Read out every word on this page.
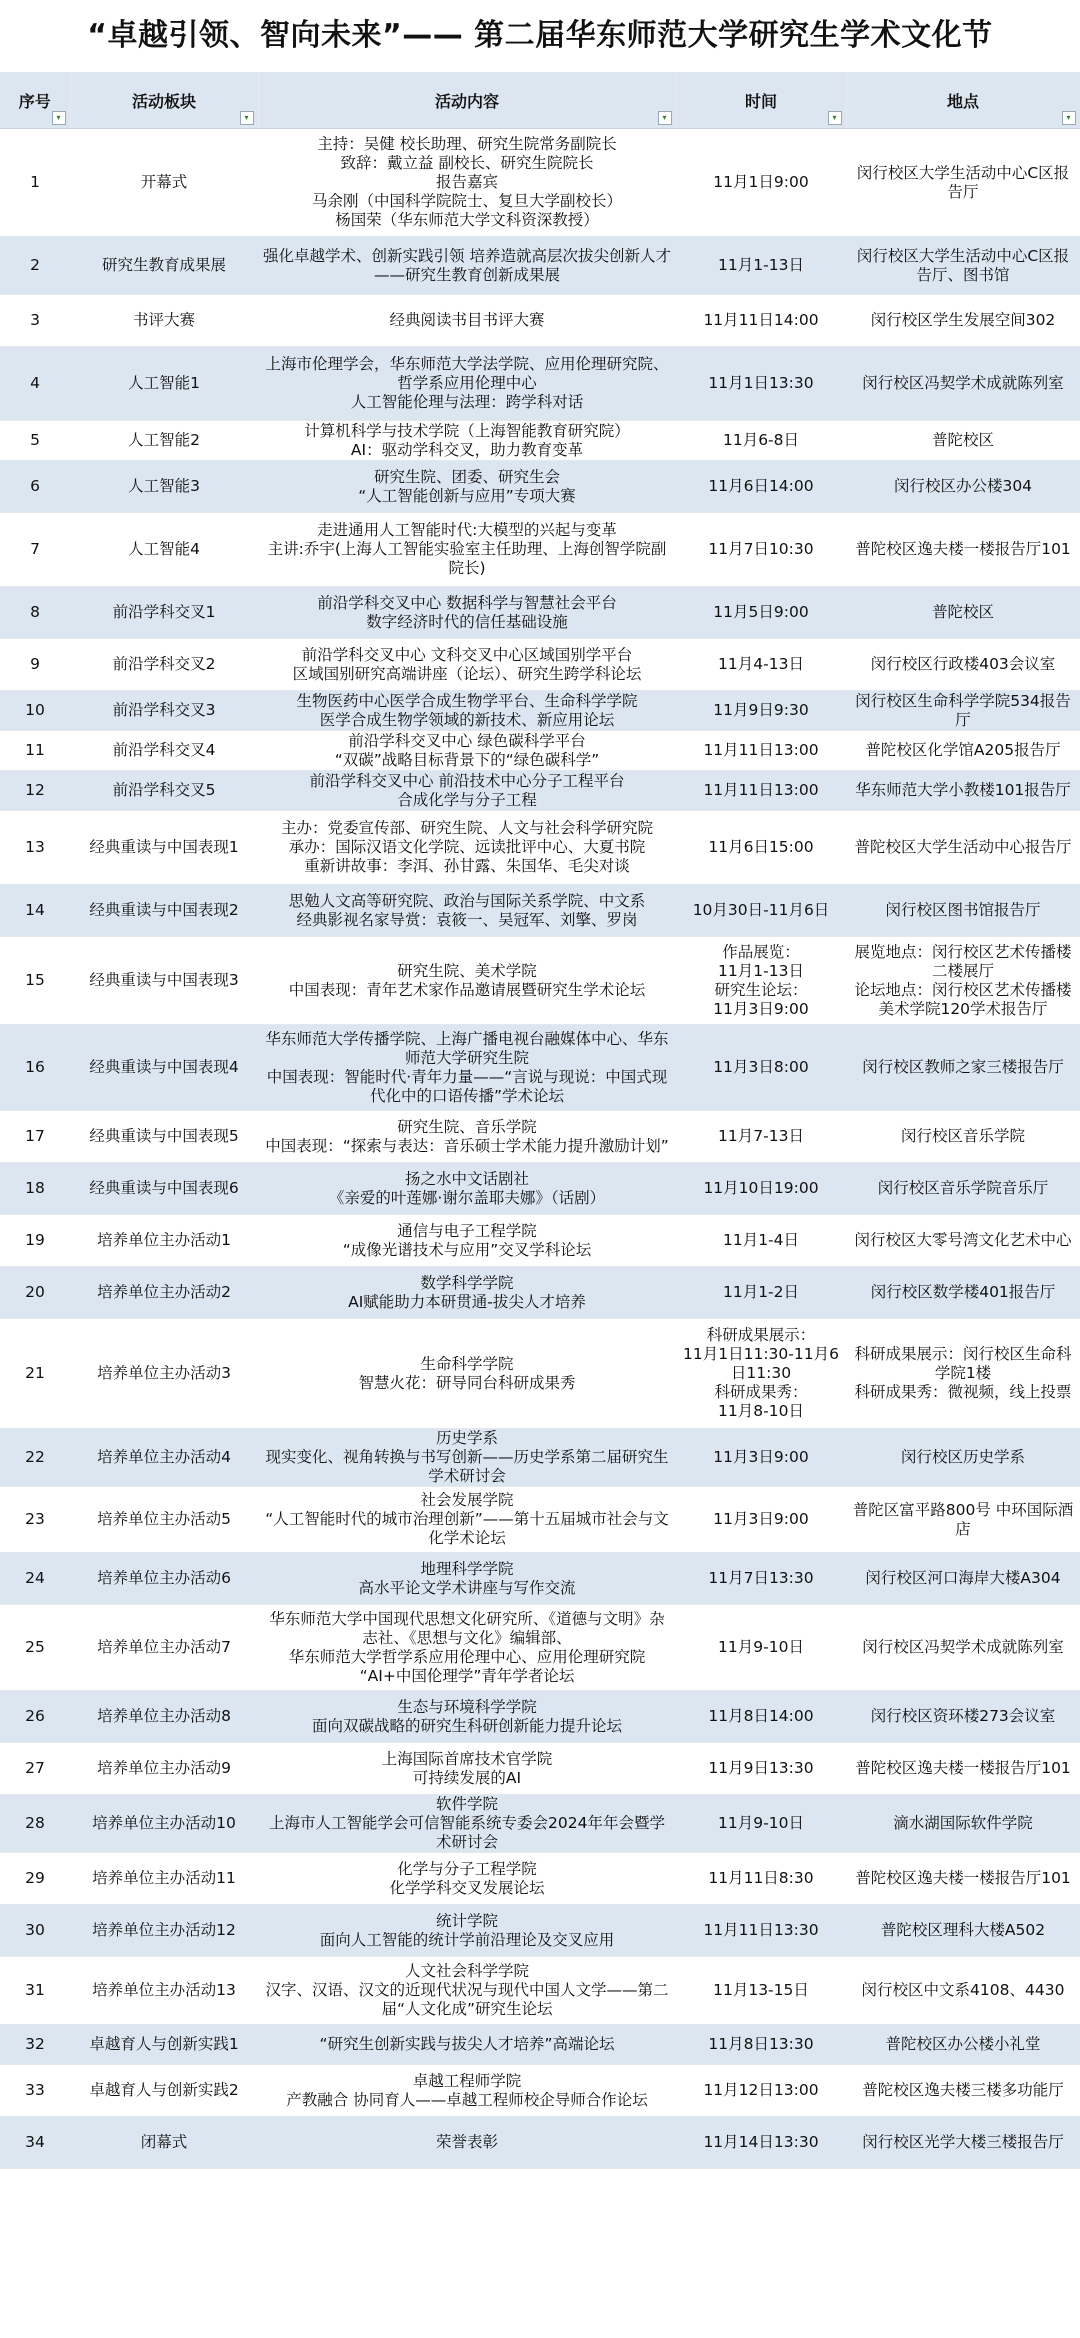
“卓越引领、智向未来”—— 第二届华东师范大学研究生学术文化节
序号
▾	活动板块
▾	活动内容
▾	时间
▾	地点
▾

1	开幕式	主持：吴健 校长助理、研究生院常务副院长
致辞：戴立益 副校长、研究生院院长
报告嘉宾
马余刚（中国科学院院士、复旦大学副校长）
杨国荣（华东师范大学文科资深教授）	11月1日9:00	闵行校区大学生活动中心C区报告厅
2	研究生教育成果展	强化卓越学术、创新实践引领 培养造就高层次拔尖创新人才
——研究生教育创新成果展	11月1-13日	闵行校区大学生活动中心C区报告厅、图书馆
3	书评大赛	经典阅读书目书评大赛	11月11日14:00	闵行校区学生发展空间302
4	人工智能1	上海市伦理学会，华东师范大学法学院、应用伦理研究院、哲学系应用伦理中心
人工智能伦理与法理：跨学科对话	11月1日13:30	闵行校区冯契学术成就陈列室
5	人工智能2	计算机科学与技术学院（上海智能教育研究院）
AI：驱动学科交叉，助力教育变革	11月6-8日	普陀校区
6	人工智能3	研究生院、团委、研究生会
“人工智能创新与应用”专项大赛	11月6日14:00	闵行校区办公楼304
7	人工智能4	走进通用人工智能时代:大模型的兴起与变革
主讲:乔宇(上海人工智能实验室主任助理、上海创智学院副院长)	11月7日10:30	普陀校区逸夫楼一楼报告厅101
8	前沿学科交叉1	前沿学科交叉中心 数据科学与智慧社会平台
数字经济时代的信任基础设施	11月5日9:00	普陀校区
9	前沿学科交叉2	前沿学科交叉中心 文科交叉中心区域国别学平台
区域国别研究高端讲座（论坛）、研究生跨学科论坛	11月4-13日	闵行校区行政楼403会议室
10	前沿学科交叉3	生物医药中心医学合成生物学平台、生命科学学院
医学合成生物学领域的新技术、新应用论坛	11月9日9:30	闵行校区生命科学学院534报告厅
11	前沿学科交叉4	前沿学科交叉中心 绿色碳科学平台
“双碳”战略目标背景下的“绿色碳科学”	11月11日13:00	普陀校区化学馆A205报告厅
12	前沿学科交叉5	前沿学科交叉中心 前沿技术中心分子工程平台
合成化学与分子工程	11月11日13:00	华东师范大学小教楼101报告厅
13	经典重读与中国表现1	主办：党委宣传部、研究生院、人文与社会科学研究院
承办：国际汉语文化学院、远读批评中心、大夏书院
重新讲故事：李洱、孙甘露、朱国华、毛尖对谈	11月6日15:00	普陀校区大学生活动中心报告厅
14	经典重读与中国表现2	思勉人文高等研究院、政治与国际关系学院、中文系
经典影视名家导赏：袁筱一、吴冠军、刘擎、罗岗	10月30日-11月6日	闵行校区图书馆报告厅
15	经典重读与中国表现3	研究生院、美术学院
中国表现：青年艺术家作品邀请展暨研究生学术论坛	作品展览：
11月1-13日
研究生论坛：
11月3日9:00	展览地点：闵行校区艺术传播楼二楼展厅
论坛地点：闵行校区艺术传播楼美术学院120学术报告厅
16	经典重读与中国表现4	华东师范大学传播学院、上海广播电视台融媒体中心、华东师范大学研究生院
中国表现：智能时代·青年力量——“言说与现说：中国式现代化中的口语传播”学术论坛	11月3日8:00	闵行校区教师之家三楼报告厅
17	经典重读与中国表现5	研究生院、音乐学院
中国表现：“探索与表达：音乐硕士学术能力提升激励计划”	11月7-13日	闵行校区音乐学院
18	经典重读与中国表现6	扬之水中文话剧社
《亲爱的叶莲娜·谢尔盖耶夫娜》（话剧）	11月10日19:00	闵行校区音乐学院音乐厅
19	培养单位主办活动1	通信与电子工程学院
“成像光谱技术与应用”交叉学科论坛	11月1-4日	闵行校区大零号湾文化艺术中心
20	培养单位主办活动2	数学科学学院
AI赋能助力本研贯通-拔尖人才培养	11月1-2日	闵行校区数学楼401报告厅
21	培养单位主办活动3	生命科学学院
智慧火花：研导同台科研成果秀	科研成果展示：
11月1日11:30-11月6日11:30
科研成果秀：
11月8-10日	科研成果展示：闵行校区生命科学院1楼
科研成果秀：微视频，线上投票
22	培养单位主办活动4	历史学系
现实变化、视角转换与书写创新——历史学系第二届研究生学术研讨会	11月3日9:00	闵行校区历史学系
23	培养单位主办活动5	社会发展学院
“人工智能时代的城市治理创新”——第十五届城市社会与文化学术论坛	11月3日9:00	普陀区富平路800号 中环国际酒店
24	培养单位主办活动6	地理科学学院
高水平论文学术讲座与写作交流	11月7日13:30	闵行校区河口海岸大楼A304
25	培养单位主办活动7	华东师范大学中国现代思想文化研究所、《道德与文明》杂志社、《思想与文化》编辑部、
华东师范大学哲学系应用伦理中心、应用伦理研究院
“AI+中国伦理学”青年学者论坛	11月9-10日	闵行校区冯契学术成就陈列室
26	培养单位主办活动8	生态与环境科学学院
面向双碳战略的研究生科研创新能力提升论坛	11月8日14:00	闵行校区资环楼273会议室
27	培养单位主办活动9	上海国际首席技术官学院
可持续发展的AI	11月9日13:30	普陀校区逸夫楼一楼报告厅101
28	培养单位主办活动10	软件学院
上海市人工智能学会可信智能系统专委会2024年年会暨学术研讨会	11月9-10日	滴水湖国际软件学院
29	培养单位主办活动11	化学与分子工程学院
化学学科交叉发展论坛	11月11日8:30	普陀校区逸夫楼一楼报告厅101
30	培养单位主办活动12	统计学院
面向人工智能的统计学前沿理论及交叉应用	11月11日13:30	普陀校区理科大楼A502
31	培养单位主办活动13	人文社会科学学院
汉字、汉语、汉文的近现代状况与现代中国人文学——第二届“人文化成”研究生论坛	11月13-15日	闵行校区中文系4108、4430
32	卓越育人与创新实践1	“研究生创新实践与拔尖人才培养”高端论坛	11月8日13:30	普陀校区办公楼小礼堂
33	卓越育人与创新实践2	卓越工程师学院
产教融合 协同育人——卓越工程师校企导师合作论坛	11月12日13:00	普陀校区逸夫楼三楼多功能厅
34	闭幕式	荣誉表彰	11月14日13:30	闵行校区光学大楼三楼报告厅
